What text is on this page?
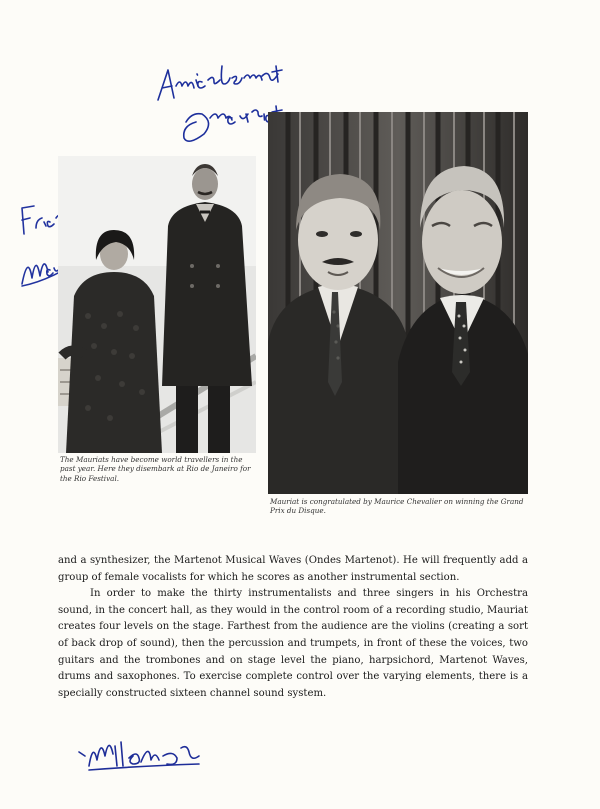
The Mauriats have become world travellers in the past year. Here they disembark at Rio de Janeiro for the Rio Festival.
Mauriat is congratulated by Maurice Chevalier on winning the Grand Prix du Disque.

and a synthesizer, the Martenot Musical Waves (Ondes Martenot). He will frequently add a group of female vocalists for which he scores as another instrumental section.

In order to make the thirty instrumentalists and three singers in his Orchestra sound, in the concert hall, as they would in the control room of a recording studio, Mauriat creates four levels on the stage. Farthest from the audience are the violins (creating a sort of back drop of sound), then the percussion and trumpets, in front of these the voices, two guitars and the trombones and on stage level the piano, harpsichord, Martenot Waves, drums and saxophones. To exercise complete control over the varying elements, there is a specially constructed sixteen channel sound system.
